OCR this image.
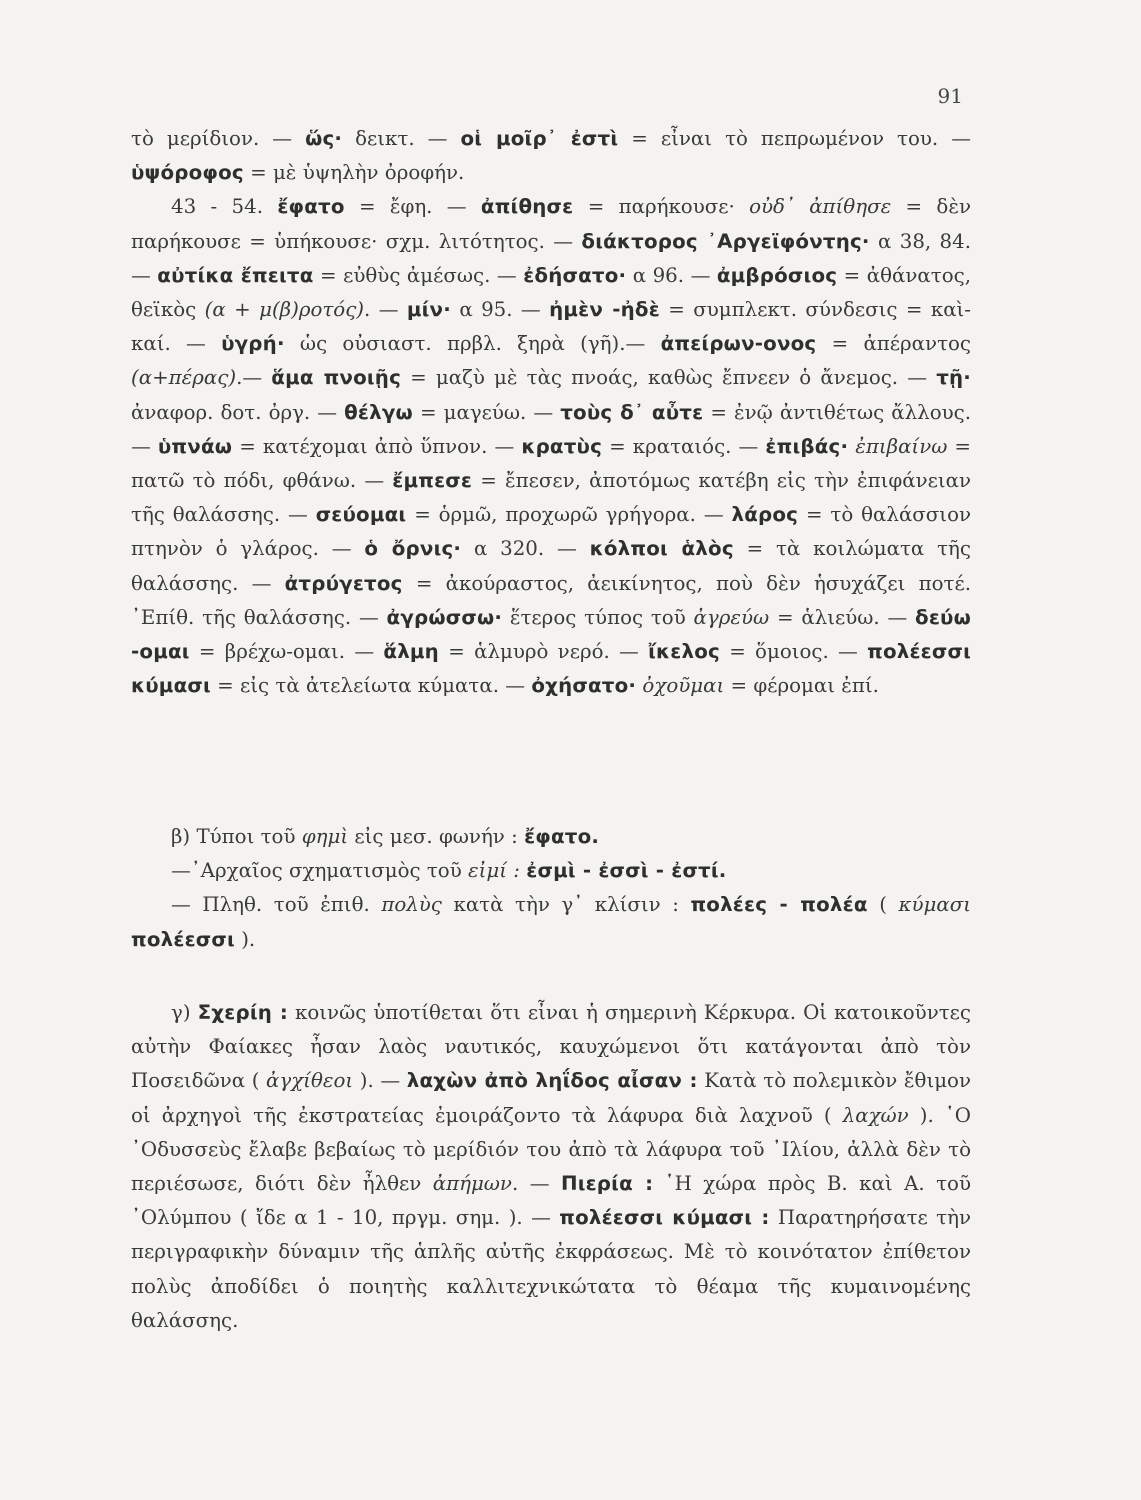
91

τὸ μερίδιον. — ὥς· δεικτ. — οἱ μοῖρ᾽ ἐστὶ = εἶναι τὸ πεπρωμένον του. — ὑψόροφος = μὲ ὑψηλὴν ὀροφήν.

43 - 54. ἔφατο = ἔφη. — ἀπίθησε = παρήκουσε· οὐδ᾽ ἀπίθησε = δὲν παρήκουσε = ὑπήκουσε· σχμ. λιτότητος. — διάκτορος ᾽Αργεϊφόντης· α 38, 84. — αὐτίκα ἔπειτα = εὐθὺς ἀμέσως. — ἐδήσατο· α 96. — ἀμβρόσιος = ἀθάνατος, θεϊκὸς (α + μ(β)ροτός). — μίν· α 95. — ἠμὲν -ἠδὲ = συμπλεκτ. σύνδεσις = καὶ-καί. — ὑγρή· ὡς οὐσιαστ. πρβλ. ξηρὰ (γῆ).— ἀπείρων-ονος = ἀπέραντος (α+πέρας).— ἅμα πνοιῇς = μαζὺ μὲ τὰς πνοάς, καθὼς ἔπνεεν ὁ ἄνεμος. — τῇ· ἀναφορ. δοτ. ὀργ. — θέλγω = μαγεύω. — τοὺς δ᾽ αὖτε = ἐνῷ ἀντιθέτως ἄλλους. — ὑπνάω = κατέχομαι ἀπὸ ὕπνον. — κρατὺς = κραταιός. — ἐπιβάς· ἐπιβαίνω = πατῶ τὸ πόδι, φθάνω. — ἔμπεσε = ἔπεσεν, ἀποτόμως κατέβη εἰς τὴν ἐπιφάνειαν τῆς θαλάσσης. — σεύομαι = ὁρμῶ, προχωρῶ γρήγορα. — λάρος = τὸ θαλάσσιον πτηνὸν ὁ γλάρος. — ὁ ὄρνις· α 320. — κόλποι ἁλὸς = τὰ κοιλώματα τῆς θαλάσσης. — ἀτρύγετος = ἀκούραστος, ἀεικίνητος, ποὺ δὲν ἡσυχάζει ποτέ. ᾽Επίθ. τῆς θαλάσσης. — ἀγρώσσω· ἕτερος τύπος τοῦ ἀγρεύω = ἁλιεύω. — δεύω -ομαι = βρέχω-ομαι. — ἅλμη = ἁλμυρὸ νερό. — ἴκελος = ὅμοιος. — πολέεσσι κύμασι = εἰς τὰ ἀτελείωτα κύματα. — ὀχήσατο· ὀχοῦμαι = φέρομαι ἐπί.

β) Τύποι τοῦ φημὶ εἰς μεσ. φωνήν : ἔφατο.

—᾽Αρχαῖος σχηματισμὸς τοῦ εἰμί : ἐσμὶ - ἐσσὶ - ἐστί.

— Πληθ. τοῦ ἐπιθ. πολὺς κατὰ τὴν γ᾽ κλίσιν : πολέες - πολέα ( κύμασι πολέεσσι ).

γ) Σχερίη : κοινῶς ὑποτίθεται ὅτι εἶναι ἡ σημερινὴ Κέρκυρα. Οἱ κατοικοῦντες αὐτὴν Φαίακες ἦσαν λαὸς ναυτικός, καυχώμενοι ὅτι κατάγονται ἀπὸ τὸν Ποσειδῶνα ( ἀγχίθεοι ). — λαχὼν ἀπὸ ληΐδος αἶσαν : Κατὰ τὸ πολεμικὸν ἔθιμον οἱ ἀρχηγοὶ τῆς ἐκστρατείας ἐμοιράζοντο τὰ λάφυρα διὰ λαχνοῦ ( λαχών ). ῾Ο ᾽Οδυσσεὺς ἔλαβε βεβαίως τὸ μερίδιόν του ἀπὸ τὰ λάφυρα τοῦ ᾽Ιλίου, ἀλλὰ δὲν τὸ περιέσωσε, διότι δὲν ἦλθεν ἀπήμων. — Πιερία : ῾Η χώρα πρὸς Β. καὶ Α. τοῦ ᾽Ολύμπου ( ἴδε α 1 - 10, πργμ. σημ. ). — πολέεσσι κύμασι : Παρατηρήσατε τὴν περιγραφικὴν δύναμιν τῆς ἁπλῆς αὐτῆς ἐκφράσεως. Μὲ τὸ κοινότατον ἐπίθετον πολὺς ἀποδίδει ὁ ποιητὴς καλλιτεχνικώτατα τὸ θέαμα τῆς κυμαινομένης θαλάσσης.
